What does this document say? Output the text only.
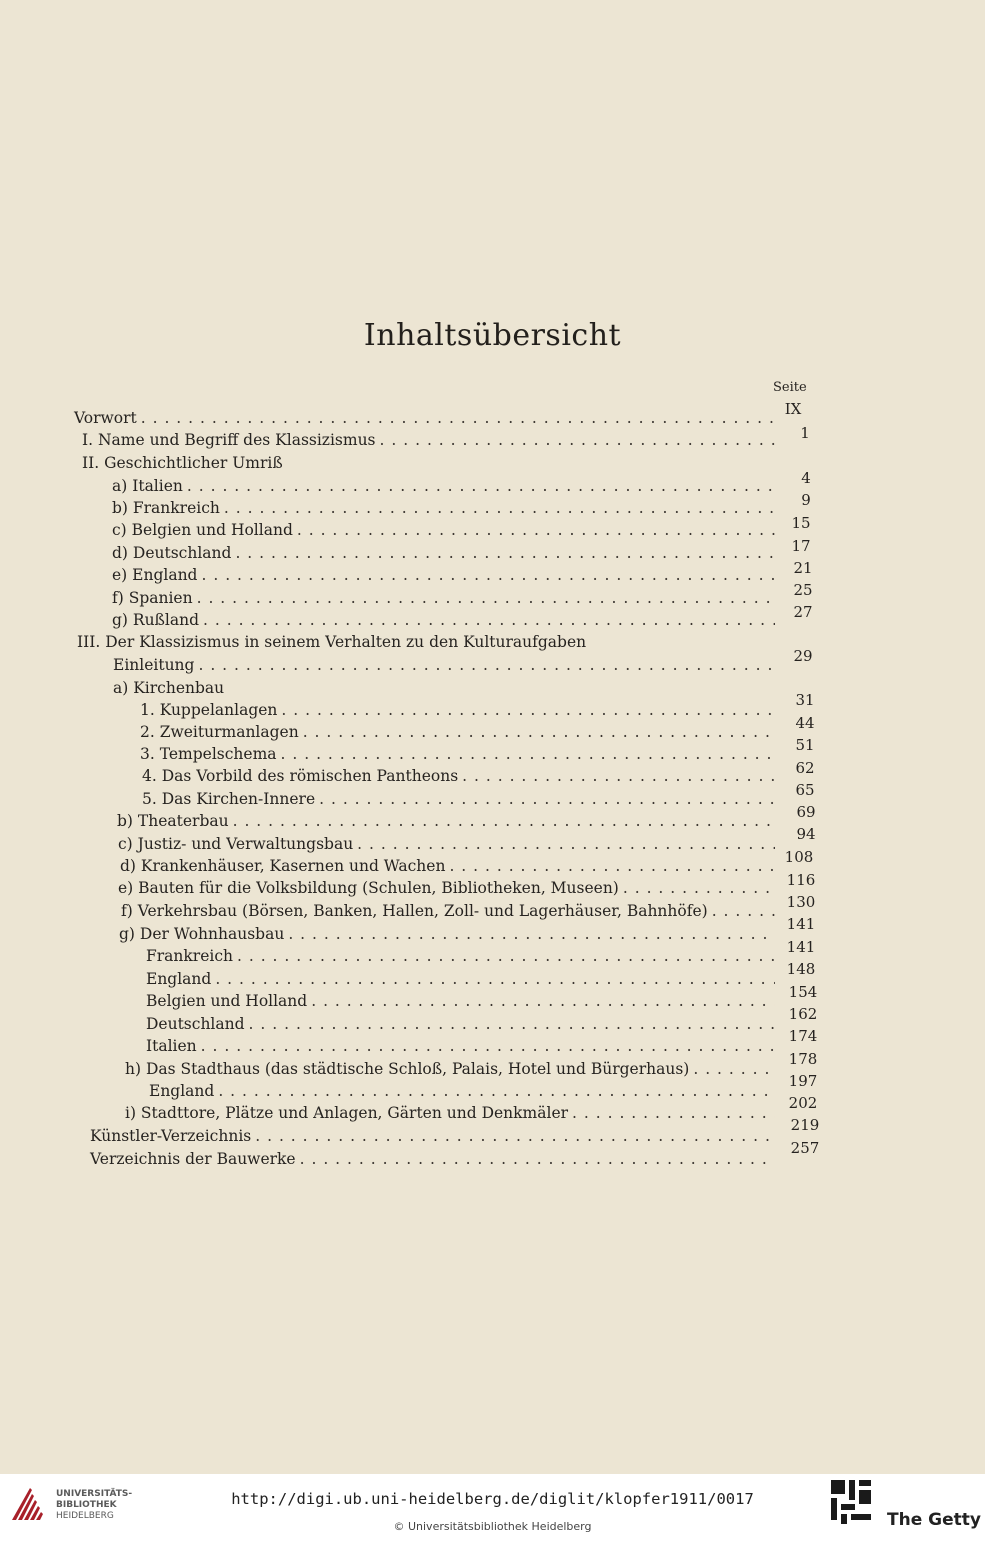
Inhaltsübersicht
Seite
IX
Vorwort
. . .
1
I. Name und Begriff des Klassizismus
. . .
II. Geschichtlicher Umriß
4
a) Italien
. . .
9
b) Frankreich
. . .
15
c) Belgien und Holland
. . .
17
d) Deutschland
. . .
21
e) England
. . .
25
f) Spanien
. . .
27
g) Rußland
. . .
III. Der Klassizismus in seinem Verhalten zu den Kulturaufgaben
29
Einleitung
. . .
a) Kirchenbau
31
1. Kuppelanlagen
. . .
44
2. Zweiturmanlagen
. . .
51
3. Tempelschema
. . .
62
4. Das Vorbild des römischen Pantheons
. . .
65
5. Das Kirchen-Innere
. . .
69
b) Theaterbau
. . .
94
c) Justiz- und Verwaltungsbau
. . .
108
d) Krankenhäuser, Kasernen und Wachen
. . .
116
e) Bauten für die Volksbildung (Schulen, Bibliotheken, Museen)
. . .
130
f) Verkehrsbau (Börsen, Banken, Hallen, Zoll- und Lagerhäuser, Bahnhöfe)
. . .
141
g) Der Wohnhausbau
. . .
141
Frankreich
. . .
148
England
. . .
154
Belgien und Holland
. . .
162
Deutschland
. . .
174
Italien
. . .
178
h) Das Stadthaus (das städtische Schloß, Palais, Hotel und Bürgerhaus)
. . .
197
England
. . .
202
i) Stadttore, Plätze und Anlagen, Gärten und Denkmäler
. . .
219
Künstler-Verzeichnis
. . .
257
Verzeichnis der Bauwerke
. . .
UNIVERSITÄTS-
BIBLIOTHEK
HEIDELBERG
http://digi.ub.uni-heidelberg.de/diglit/klopfer1911/0017
© Universitätsbibliothek Heidelberg	The Getty
